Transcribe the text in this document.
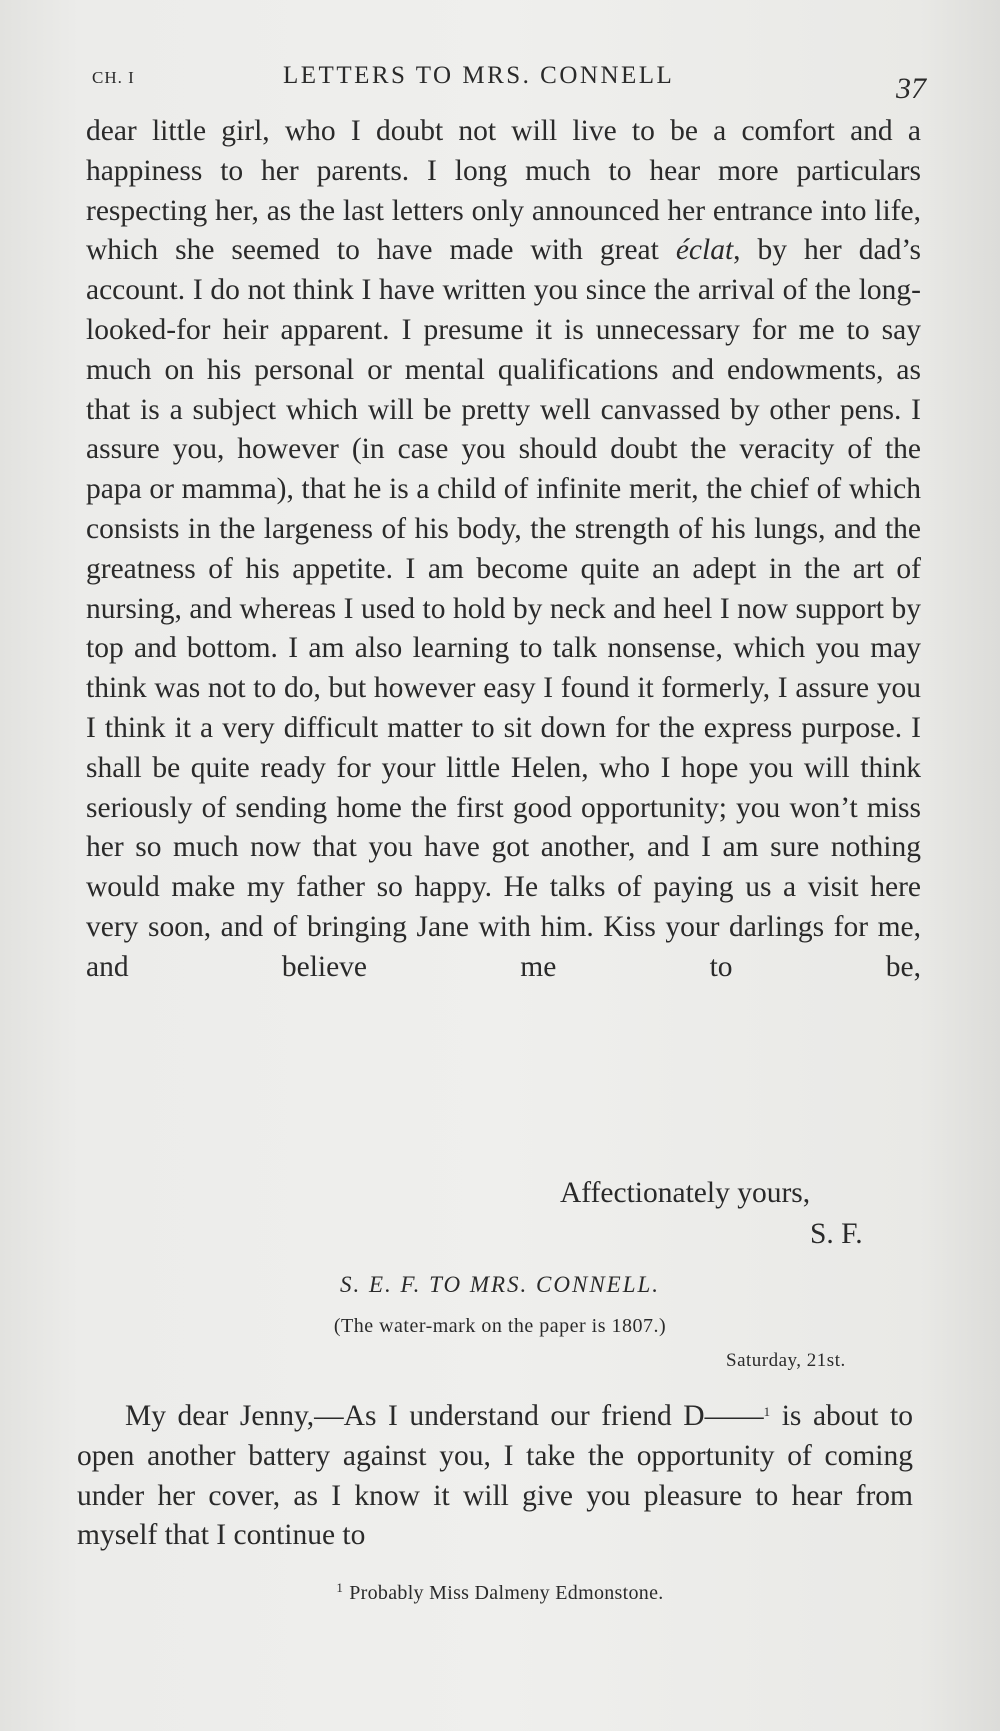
CH. I	LETTERS TO MRS. CONNELL	37

dear little girl, who I doubt not will live to be a comfort and a happiness to her parents. I long much to hear more particulars respecting her, as the last letters only announced her entrance into life, which she seemed to have made with great éclat, by her dad’s account. I do not think I have written you since the arrival of the long-looked-for heir apparent. I presume it is unnecessary for me to say much on his personal or mental qualifications and endowments, as that is a subject which will be pretty well canvassed by other pens. I assure you, however (in case you should doubt the veracity of the papa or mamma), that he is a child of infinite merit, the chief of which consists in the largeness of his body, the strength of his lungs, and the greatness of his appetite. I am become quite an adept in the art of nursing, and whereas I used to hold by neck and heel I now support by top and bottom. I am also learning to talk nonsense, which you may think was not to do, but however easy I found it formerly, I assure you I think it a very difficult matter to sit down for the express purpose. I shall be quite ready for your little Helen, who I hope you will think seriously of sending home the first good opportunity; you won’t miss her so much now that you have got another, and I am sure nothing would make my father so happy. He talks of paying us a visit here very soon, and of bringing Jane with him. Kiss your darlings for me, and believe me to be,

Affectionately yours,
S. F.
S. E. F. TO MRS. CONNELL.
(The water-mark on the paper is 1807.)
Saturday, 21st.

My dear Jenny,—As I understand our friend D——$^1$ is about to open another battery against you, I take the opportunity of coming under her cover, as I know it will give you pleasure to hear from myself that I continue to

$^1$ Probably Miss Dalmeny Edmonstone.
